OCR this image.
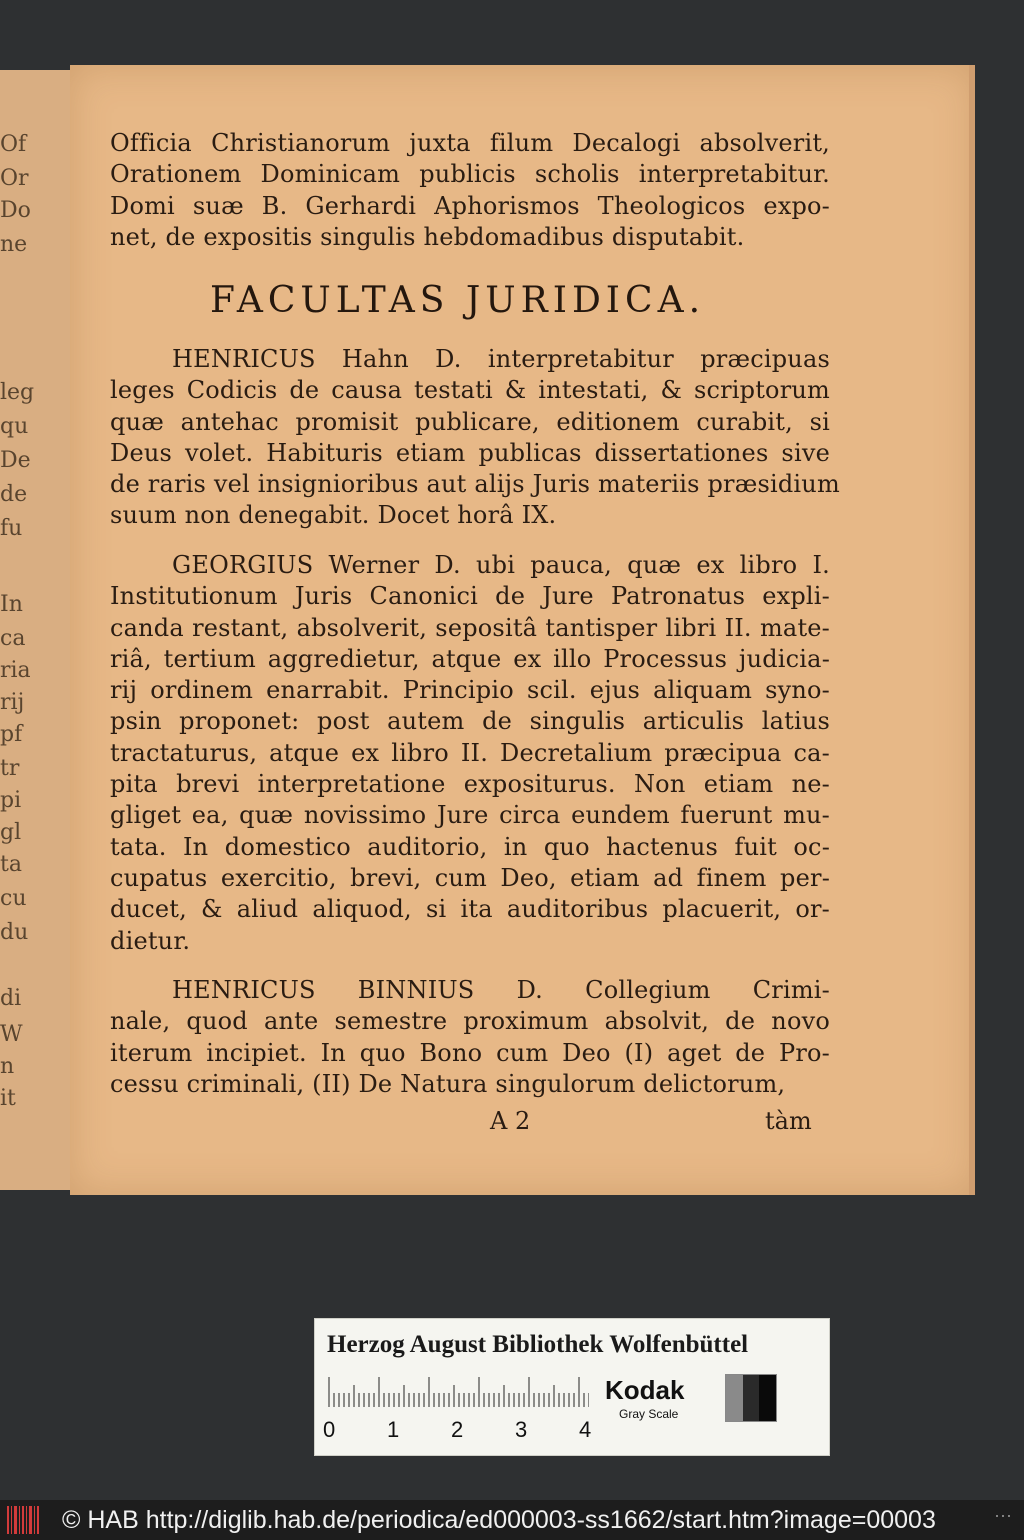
Of
Or
Do
ne
leg
qu
De
de
fu
In
ca
ria
rij
pf
tr
pi
gl
ta
cu
du
di
W
n
it
Officia Christianorum juxta filum Decalogi absolverit,
Orationem Dominicam publicis scholis interpretabitur.
Domi suæ B. Gerhardi Aphorismos Theologicos expo-
net, de expositis singulis hebdomadibus disputabit.
FACULTAS JURIDICA.
HENRICUS Hahn D. interpretabitur præcipuas
leges Codicis de causa testati & intestati, & scriptorum
quæ antehac promisit publicare, editionem curabit, si
Deus volet. Habituris etiam publicas dissertationes sive
de raris vel insignioribus aut alijs Juris materiis præsidium
suum non denegabit. Docet horâ IX.
GEORGIUS Werner D. ubi pauca, quæ ex libro I.
Institutionum Juris Canonici de Jure Patronatus expli-
canda restant, absolverit, sepositâ tantisper libri II. mate-
riâ, tertium aggredietur, atque ex illo Processus judicia-
rij ordinem enarrabit. Principio scil. ejus aliquam syno-
psin proponet: post autem de singulis articulis latius
tractaturus, atque ex libro II. Decretalium præcipua ca-
pita brevi interpretatione expositurus. Non etiam ne-
gliget ea, quæ novissimo Jure circa eundem fuerunt mu-
tata. In domestico auditorio, in quo hactenus fuit oc-
cupatus exercitio, brevi, cum Deo, etiam ad finem per-
ducet, & aliud aliquod, si ita auditoribus placuerit, or-
dietur.
HENRICUS BINNIUS D. Collegium Crimi-
nale, quod ante semestre proximum absolvit, de novo
iterum incipiet. In quo Bono cum Deo (I) aget de Pro-
cessu criminali, (II) De Natura singulorum delictorum,
A 2	tàm
Herzog August Bibliothek Wolfenbüttel
0 1 2 3 4
Kodak
Gray Scale
© HAB http://diglib.hab.de/periodica/ed000003-ss1662/start.htm?image=00003	⋯
